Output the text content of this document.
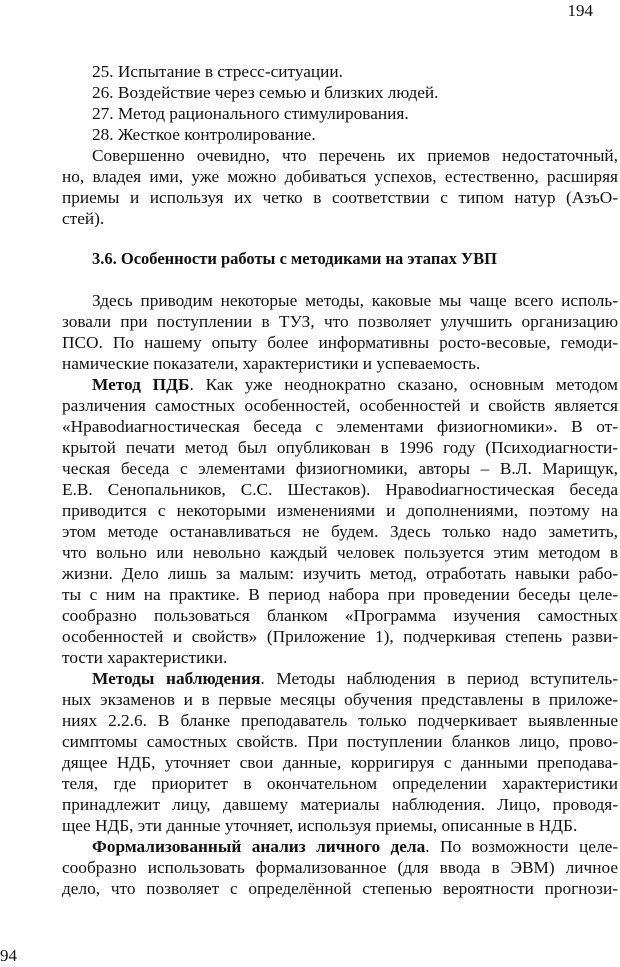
194
25. Испытание в стресс-ситуации.
26. Воздействие через семью и близких людей.
27. Метод рационального стимулирования.
28. Жесткое контролирование.
Совершенно очевидно, что перечень их приемов недостаточный,
но, владея ими, уже можно добиваться успехов, естественно, расширяя
приемы и используя их четко в соответствии с типом натур (АзъО-
стей).
3.6. Особенности работы с методиками на этапах УВП
Здесь приводим некоторые методы, каковые мы чаще всего исполь-
зовали при поступлении в ТУЗ, что позволяет улучшить организацию
ПСО. По нашему опыту более информативны росто-весовые, гемоди-
намические показатели, характеристики и успеваемость.
Метод ПДБ. Как уже неоднократно сказано, основным методом
различения самостных особенностей, особенностей и свойств является
«Нравоdиагностическая беседа с элементами физиогномики». В от-
крытой печати метод был опубликован в 1996 году (Психодиагности-
ческая беседа с элементами физиогномики, авторы – В.Л. Марищук,
Е.В. Сенопальников, С.С. Шестаков). Нравоdиагностическая беседа
приводится с некоторыми изменениями и дополнениями, поэтому на
этом методе останавливаться не будем. Здесь только надо заметить,
что вольно или невольно каждый человек пользуется этим методом в
жизни. Дело лишь за малым: изучить метод, отработать навыки рабо-
ты с ним на практике. В период набора при проведении беседы целе-
сообразно пользоваться бланком «Программа изучения самостных
особенностей и свойств» (Приложение 1), подчеркивая степень разви-
тости характеристики.
Методы наблюдения. Методы наблюдения в период вступитель-
ных экзаменов и в первые месяцы обучения представлены в приложе-
ниях 2.2.6. В бланке преподаватель только подчеркивает выявленные
симптомы самостных свойств. При поступлении бланков лицо, прово-
дящее НДБ, уточняет свои данные, корригируя с данными преподава-
теля, где приоритет в окончательном определении характеристики
принадлежит лицу, давшему материалы наблюдения. Лицо, проводя-
щее НДБ, эти данные уточняет, используя приемы, описанные в НДБ.
Формализованный анализ личного дела. По возможности целе-
сообразно использовать формализованное (для ввода в ЭВМ) личное
дело, что позволяет с определённой степенью вероятности прогнози-
94
